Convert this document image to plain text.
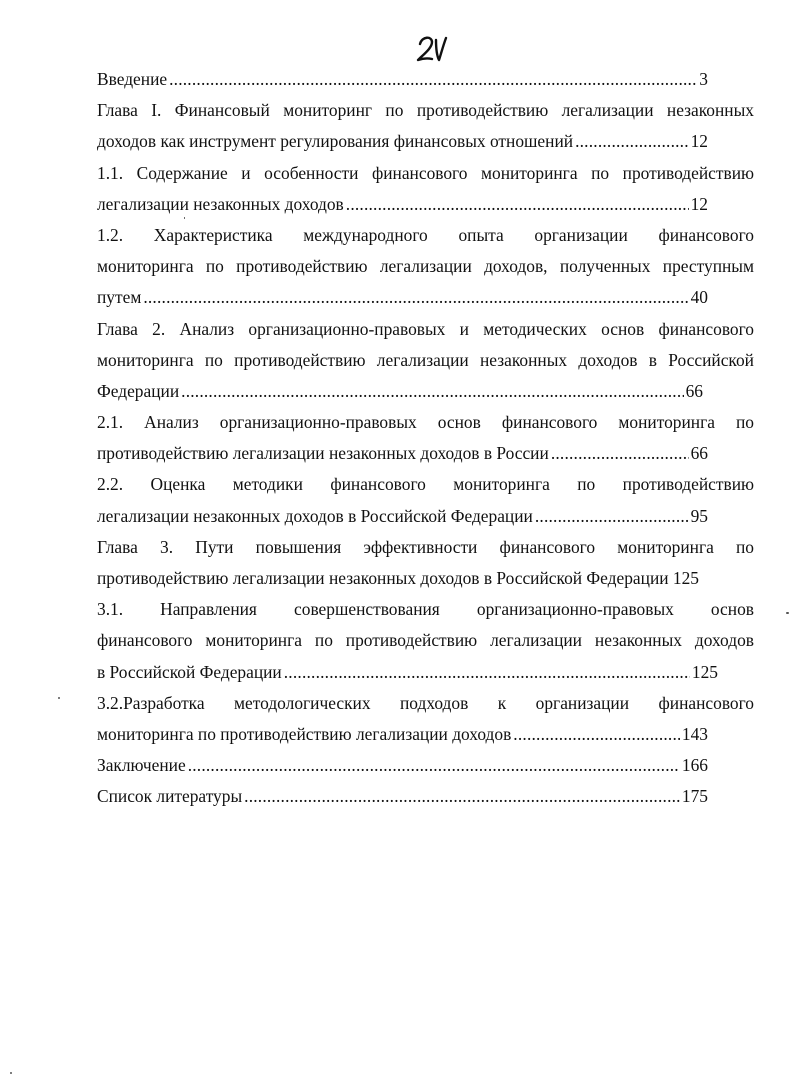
Введение .....	3
Глава I. Финансовый мониторинг по противодействию легализации незаконных
доходов как инструмент регулирования финансовых отношений .....	12
1.1. Содержание и особенности финансового мониторинга по противодействию
легализации незаконных доходов .....	12
1.2. Характеристика международного опыта организации финансового
мониторинга по противодействию легализации доходов, полученных преступным
путем .....	40
Глава 2. Анализ организационно-правовых и методических основ финансового
мониторинга по противодействию легализации незаконных доходов в Российской
Федерации .....	66
2.1. Анализ организационно-правовых основ финансового мониторинга по
противодействию легализации незаконных доходов в России .....	66
2.2. Оценка методики финансового мониторинга по противодействию
легализации незаконных доходов в Российской Федерации .....	95
Глава 3. Пути повышения эффективности финансового мониторинга по
противодействию легализации незаконных доходов в Российской Федерации 125
3.1. Направления совершенствования организационно-правовых основ
финансового мониторинга по противодействию легализации незаконных доходов
в Российской Федерации .....	125
3.2.Разработка методологических подходов к организации финансового
мониторинга по противодействию легализации доходов .....	143
Заключение .....	166
Список литературы .....	175
